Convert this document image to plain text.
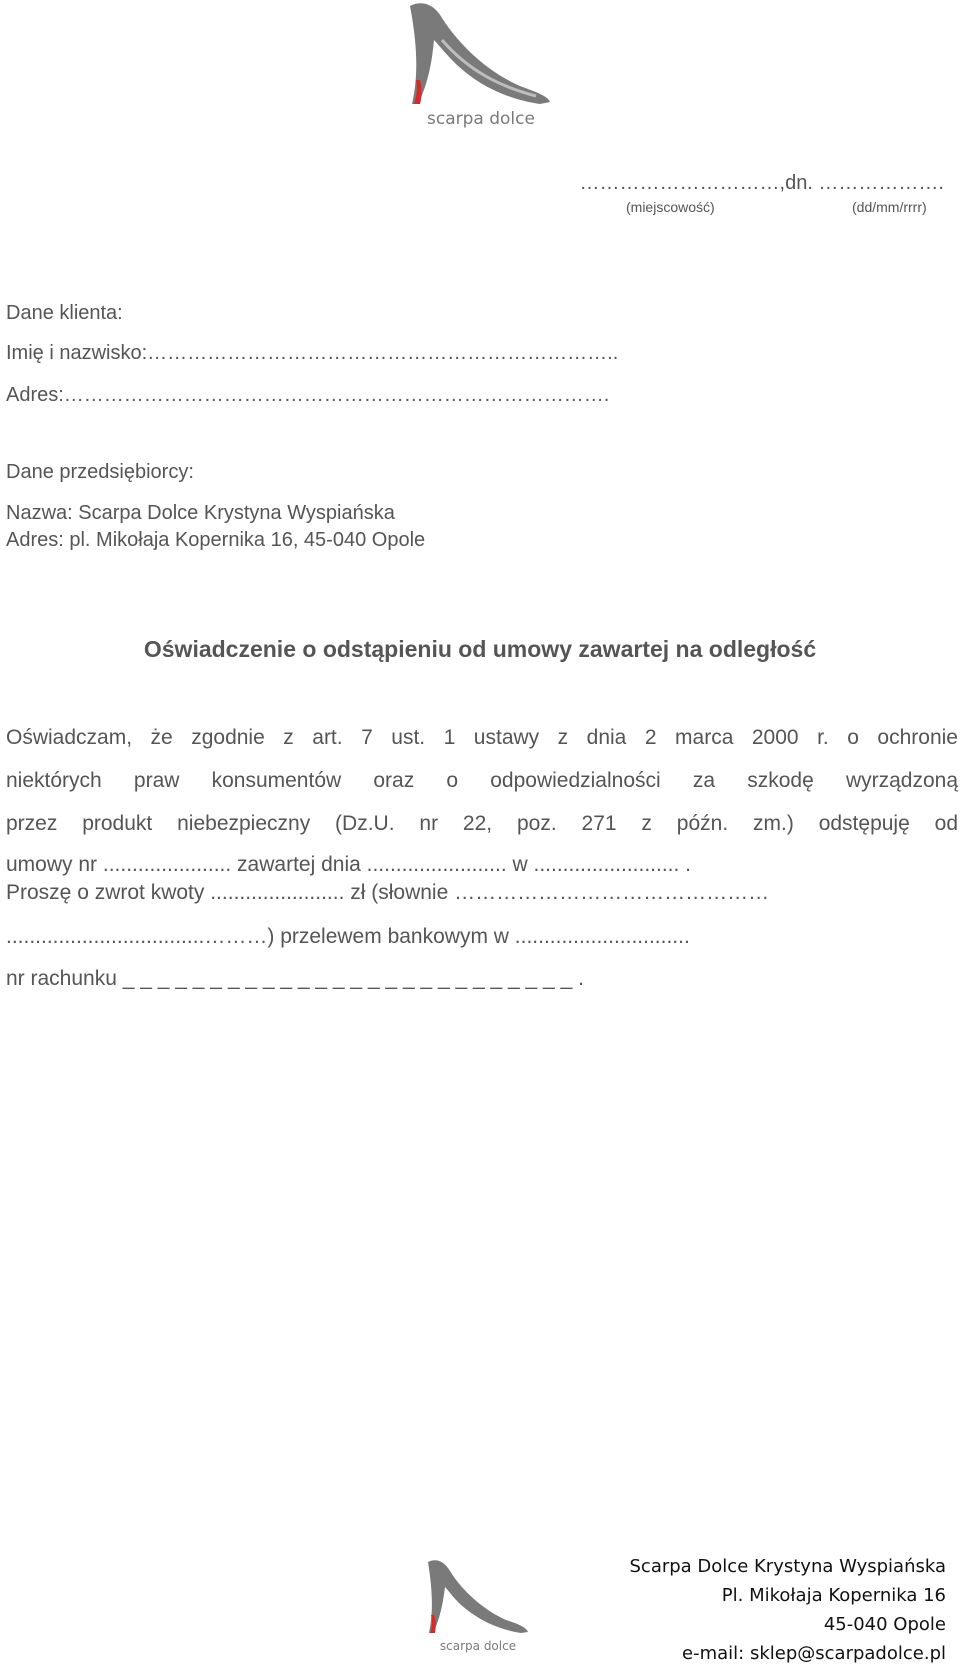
scarpa dolce
…………………………,dn. ……………….
(miejscowość)	(dd/mm/rrrr)
Dane klienta:
Imię i nazwisko:……………………………………………………………..
Adres:……………………………………………………………………….
Dane przedsiębiorcy:
Nazwa: Scarpa Dolce Krystyna Wyspiańska
Adres: pl. Mikołaja Kopernika 16, 45-040 Opole
Oświadczenie o odstąpieniu od umowy zawartej na odległość
Oświadczam, że zgodnie z art. 7 ust. 1 ustawy z dnia 2 marca 2000 r. o ochronie
niektórych praw konsumentów oraz o odpowiedzialności za szkodę wyrządzoną
przez produkt niebezpieczny (Dz.U. nr 22, poz. 271 z późn. zm.) odstępuję od
umowy nr ...................... zawartej dnia ........................ w ......................... .
Proszę o zwrot kwoty ....................... zł (słownie ………………………………………
..................................………) przelewem bankowym w ..............................
nr rachunku _ _ _ _ _ _ _ _ _ _ _ _ _ _ _ _ _ _ _ _ _ _ _ _ _ _ .
scarpa dolce
Scarpa Dolce Krystyna Wyspiańska
Pl. Mikołaja Kopernika 16
45-040 Opole
e-mail: sklep@scarpadolce.pl
